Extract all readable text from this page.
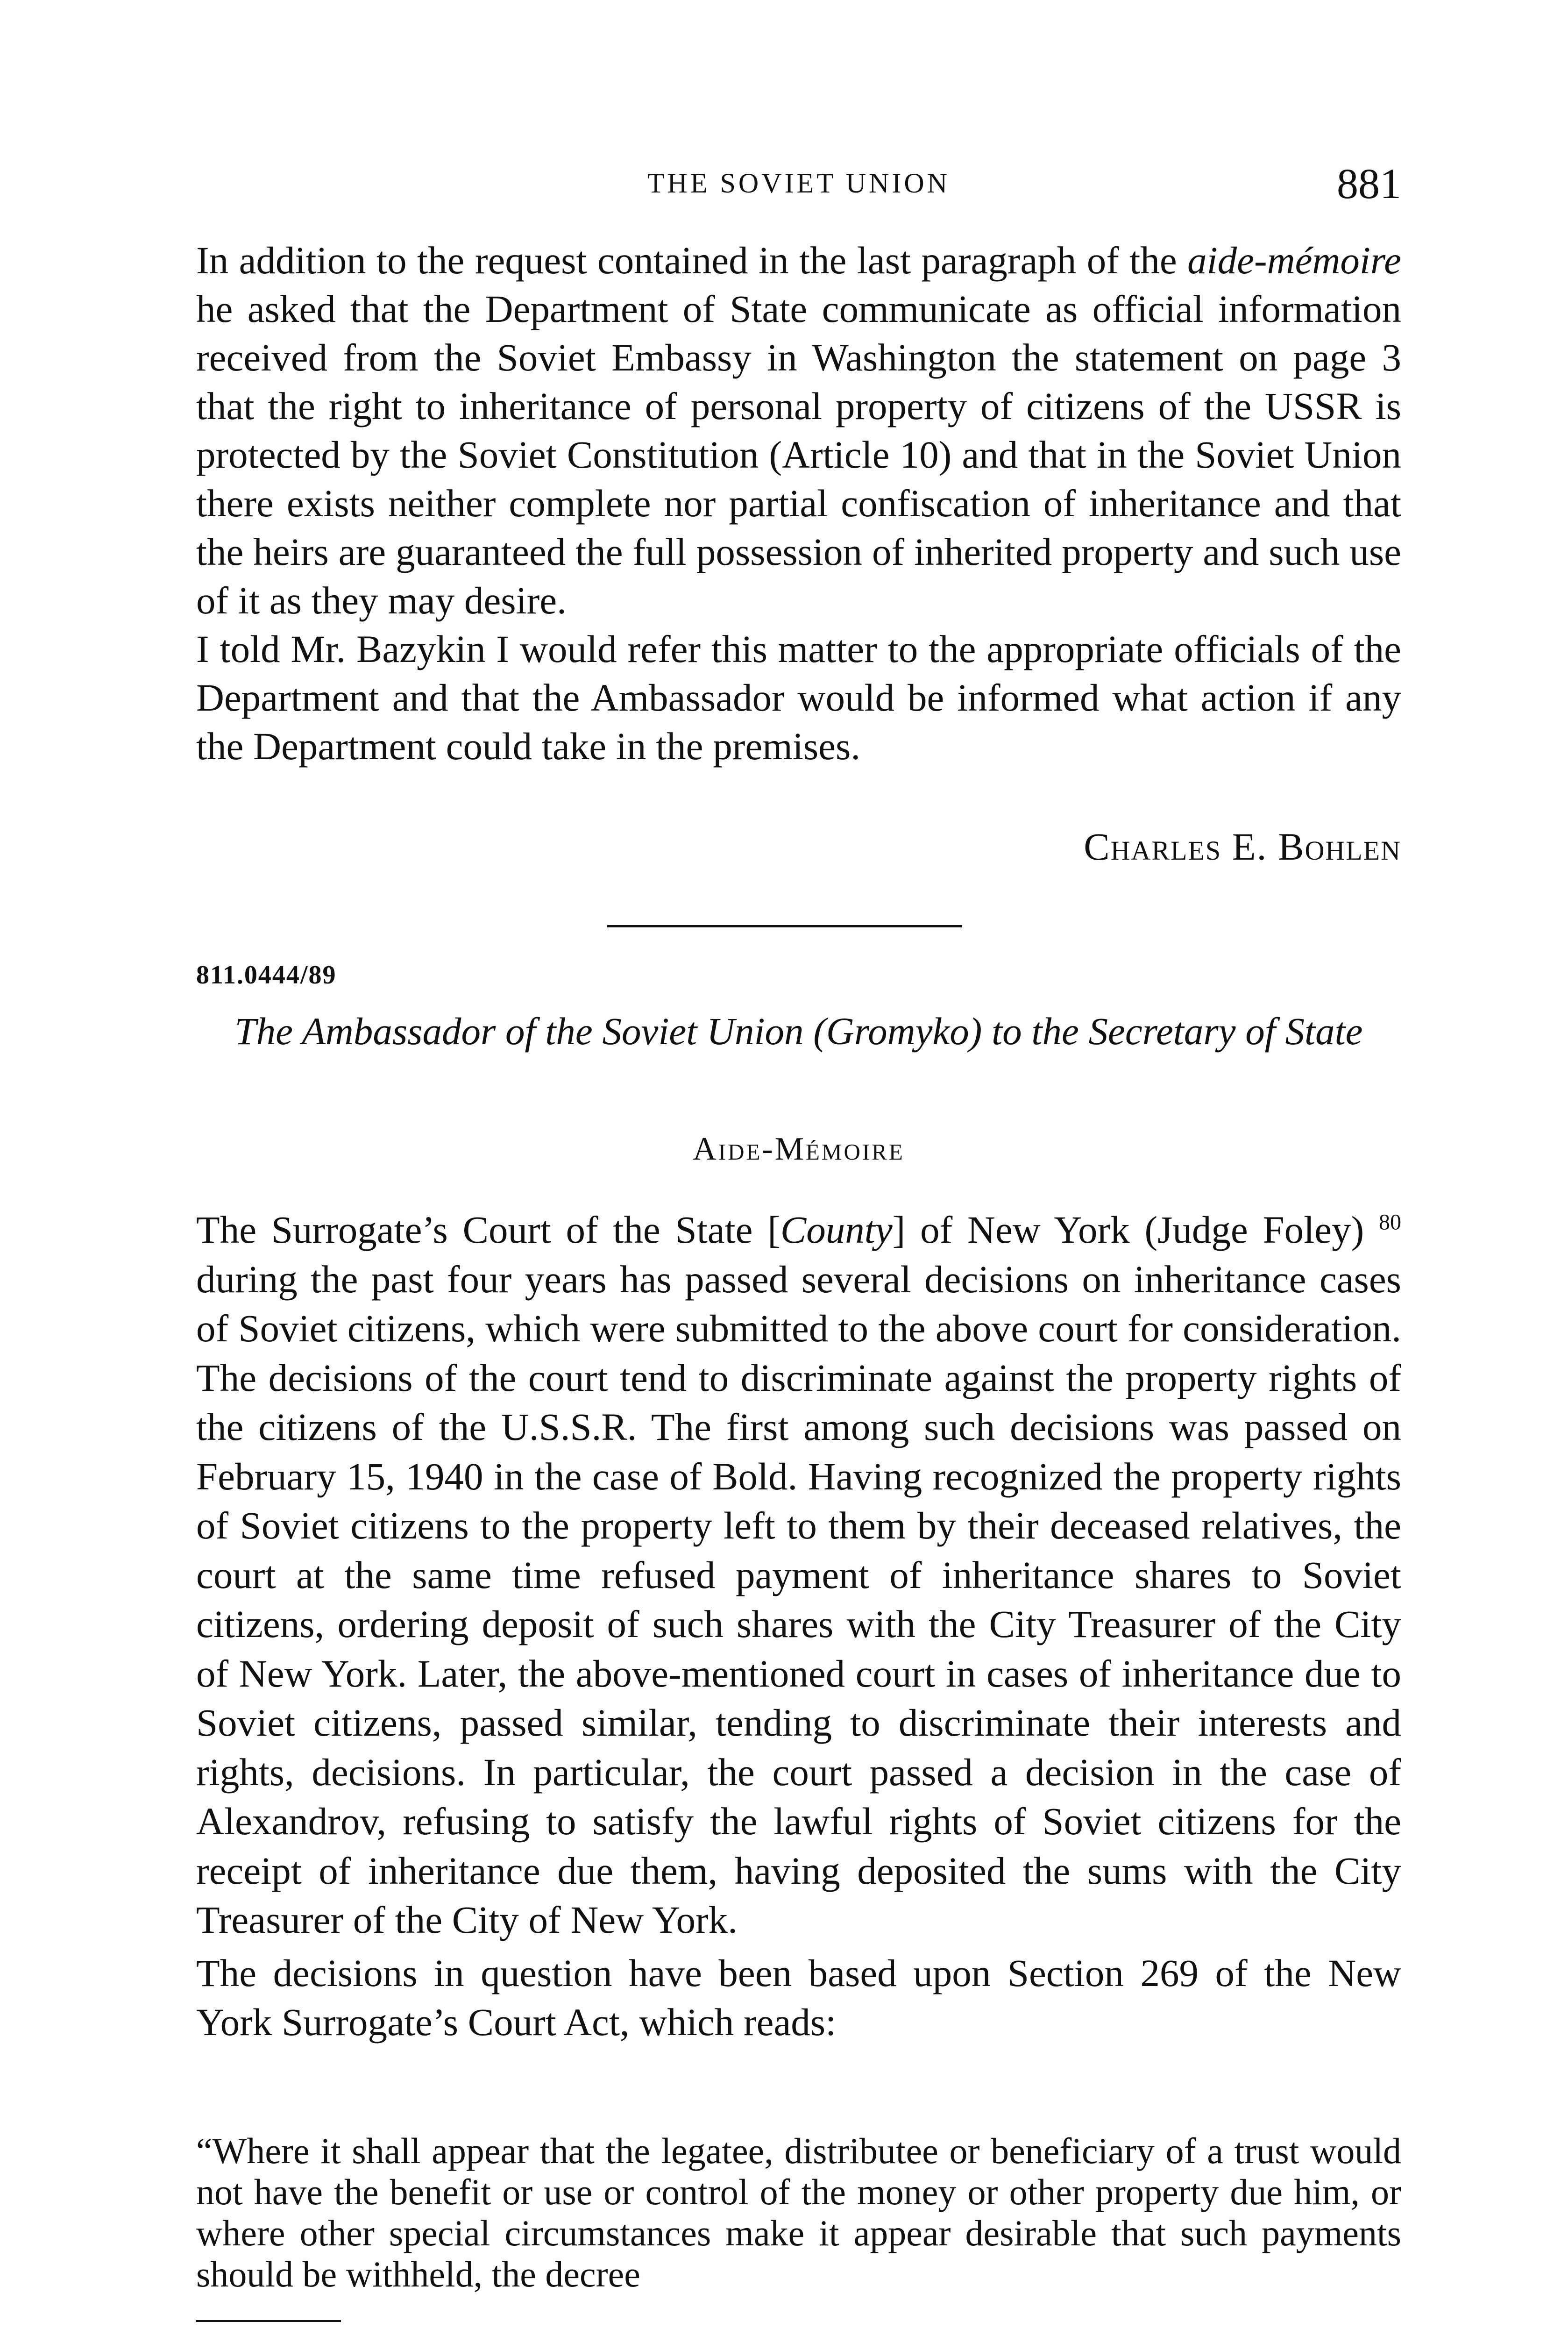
THE SOVIET UNION	881

In addition to the request contained in the last paragraph of the aide-mémoire he asked that the Department of State communicate as official information received from the Soviet Embassy in Washington the statement on page 3 that the right to inheritance of personal property of citizens of the USSR is protected by the Soviet Constitution (Article 10) and that in the Soviet Union there exists neither complete nor partial confiscation of inheritance and that the heirs are guaranteed the full possession of inherited property and such use of it as they may desire.

I told Mr. Bazykin I would refer this matter to the appropriate officials of the Department and that the Ambassador would be informed what action if any the Department could take in the premises.

Charles E. Bohlen
811.0444/89
The Ambassador of the Soviet Union (Gromyko) to the Secretary of State
Aide-Mémoire

The Surrogate’s Court of the State [County] of New York (Judge Foley) $^{80}$ during the past four years has passed several decisions on inheritance cases of Soviet citizens, which were submitted to the above court for consideration. The decisions of the court tend to discriminate against the property rights of the citizens of the U.S.S.R. The first among such decisions was passed on February 15, 1940 in the case of Bold. Having recognized the property rights of Soviet citizens to the property left to them by their deceased relatives, the court at the same time refused payment of inheritance shares to Soviet citizens, ordering deposit of such shares with the City Treasurer of the City of New York. Later, the above-mentioned court in cases of inheritance due to Soviet citizens, passed similar, tending to discriminate their interests and rights, decisions. In particular, the court passed a decision in the case of Alexandrov, refusing to satisfy the lawful rights of Soviet citizens for the receipt of inheritance due them, having deposited the sums with the City Treasurer of the City of New York.

The decisions in question have been based upon Section 269 of the New York Surrogate’s Court Act, which reads:

“Where it shall appear that the legatee, distributee or beneficiary of a trust would not have the benefit or use or control of the money or other property due him, or where other special circumstances make it appear desirable that such payments should be withheld, the decree
